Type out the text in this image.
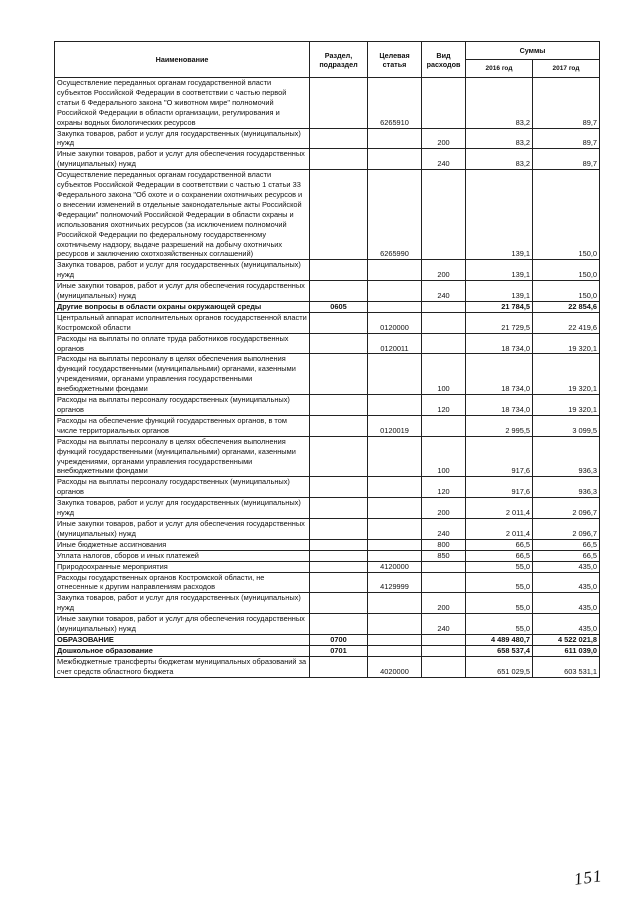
Наименование	Раздел, подраздел	Целевая статья	Вид расходов	Суммы	
				2016 год	2017 год
Осуществление переданных органам государственной власти субъектов Российской Федерации в соответствии с частью первой статьи 6 Федерального закона "О животном мире" полномочий Российской Федерации в области организации, регулирования и охраны водных биологических ресурсов		6265910		83,2	89,7
Закупка товаров, работ и услуг для государственных (муниципальных) нужд			200	83,2	89,7
Иные закупки товаров, работ и услуг для обеспечения государственных (муниципальных) нужд			240	83,2	89,7
Осуществление переданных органам государственной власти субъектов Российской Федерации в соответствии с частью 1 статьи 33 Федерального закона "Об охоте и о сохранении охотничьих ресурсов и о внесении изменений в отдельные законодательные акты Российской Федерации" полномочий Российской Федерации в области охраны и использования охотничьих ресурсов (за исключением полномочий Российской Федерации по федеральному государственному охотничьему надзору, выдаче разрешений на добычу охотничьих ресурсов и заключению охотхозяйственных соглашений)		6265990		139,1	150,0
Закупка товаров, работ и услуг для государственных (муниципальных) нужд			200	139,1	150,0
Иные закупки товаров, работ и услуг для обеспечения государственных (муниципальных) нужд			240	139,1	150,0
Другие вопросы в области охраны окружающей среды	0605			21 784,5	22 854,6
Центральный аппарат исполнительных органов государственной власти Костромской области		0120000		21 729,5	22 419,6
Расходы на выплаты по оплате труда работников государственных органов		0120011		18 734,0	19 320,1
Расходы на выплаты персоналу в целях обеспечения выполнения функций государственными (муниципальными) органами, казенными учреждениями, органами управления государственными внебюджетными фондами			100	18 734,0	19 320,1
Расходы на выплаты персоналу государственных (муниципальных) органов			120	18 734,0	19 320,1
Расходы на обеспечение функций государственных органов, в том числе территориальных органов		0120019		2 995,5	3 099,5
Расходы на выплаты персоналу в целях обеспечения выполнения функций государственными (муниципальными) органами, казенными учреждениями, органами управления государственными внебюджетными фондами			100	917,6	936,3
Расходы на выплаты персоналу государственных (муниципальных) органов			120	917,6	936,3
Закупка товаров, работ и услуг для государственных (муниципальных) нужд			200	2 011,4	2 096,7
Иные закупки товаров, работ и услуг для обеспечения государственных (муниципальных) нужд			240	2 011,4	2 096,7
Иные бюджетные ассигнования			800	66,5	66,5
Уплата налогов, сборов и иных платежей			850	66,5	66,5
Природоохранные мероприятия		4120000		55,0	435,0
Расходы государственных органов Костромской области, не отнесенные к другим направлениям расходов		4129999		55,0	435,0
Закупка товаров, работ и услуг для государственных (муниципальных) нужд			200	55,0	435,0
Иные закупки товаров, работ и услуг для обеспечения государственных (муниципальных) нужд			240	55,0	435,0
ОБРАЗОВАНИЕ	0700			4 489 480,7	4 522 021,8
Дошкольное образование	0701			658 537,4	611 039,0
Межбюджетные трансферты бюджетам муниципальных образований за счет средств областного бюджета		4020000		651 029,5	603 531,1
151
